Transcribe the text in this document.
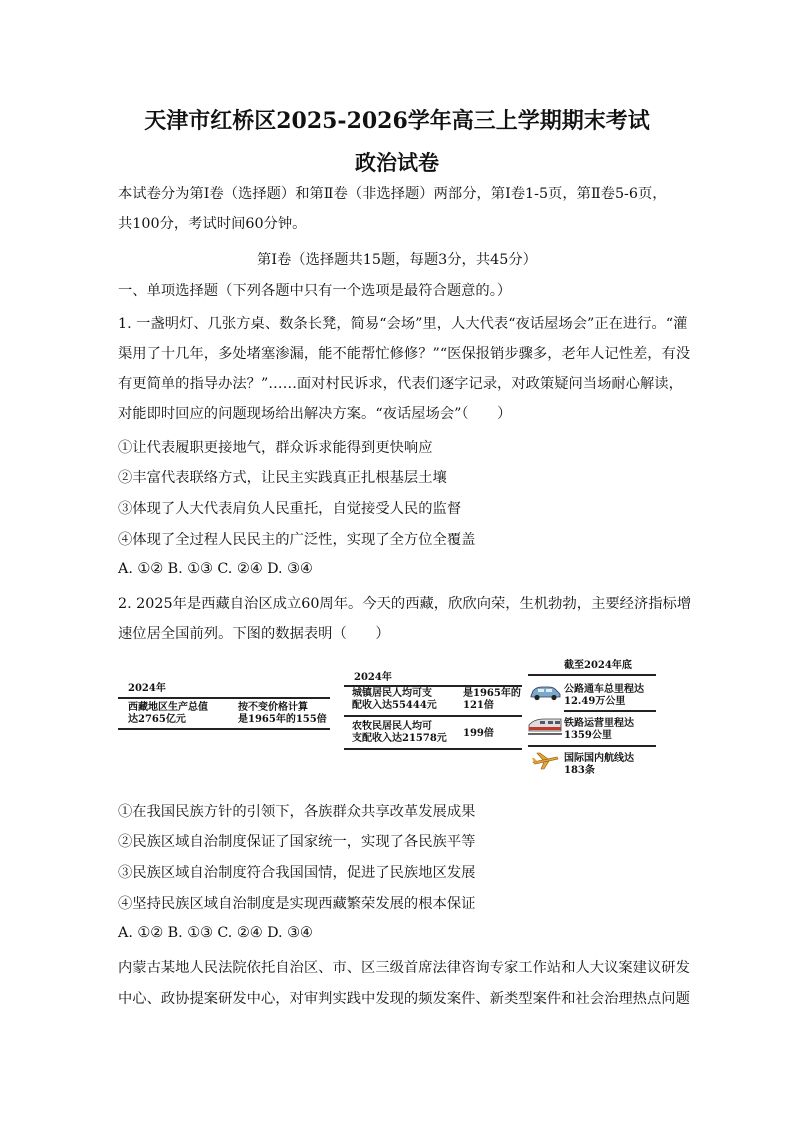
天津市红桥区2025-2026学年高三上学期期末考试
政治试卷
本试卷分为第Ⅰ卷（选择题）和第Ⅱ卷（非选择题）两部分，第Ⅰ卷1-5页，第Ⅱ卷5-6页，
共100分，考试时间60分钟。
第Ⅰ卷（选择题共15题，每题3分，共45分）
一、单项选择题（下列各题中只有一个选项是最符合题意的。）
1. 一盏明灯、几张方桌、数条长凳，简易“会场”里，人大代表“夜话屋场会”正在进行。“灌
渠用了十几年，多处堵塞渗漏，能不能帮忙修修？”“医保报销步骤多，老年人记性差，有没
有更简单的指导办法？”……面对村民诉求，代表们逐字记录，对政策疑问当场耐心解读，
对能即时回应的问题现场给出解决方案。“夜话屋场会”（　　）
①让代表履职更接地气，群众诉求能得到更快响应
②丰富代表联络方式，让民主实践真正扎根基层土壤
③体现了人大代表肩负人民重托，自觉接受人民的监督
④体现了全过程人民民主的广泛性，实现了全方位全覆盖
A. ①② B. ①③ C. ②④ D. ③④
2. 2025年是西藏自治区成立60周年。今天的西藏，欣欣向荣，生机勃勃，主要经济指标增
速位居全国前列。下图的数据表明（　　）
2024年
西藏地区生产总值
达2765亿元
按不变价格计算
是1965年的155倍
2024年
城镇居民人均可支
配收入达55444元
是1965年的
121倍
农牧民居民人均可
支配收入达21578元 199倍
截至2024年底
公路通车总里程达
12.49万公里
铁路运营里程达
1359公里
国际国内航线达
183条
①在我国民族方针的引领下，各族群众共享改革发展成果
②民族区域自治制度保证了国家统一，实现了各民族平等
③民族区域自治制度符合我国国情，促进了民族地区发展
④坚持民族区域自治制度是实现西藏繁荣发展的根本保证
A. ①② B. ①③ C. ②④ D. ③④
内蒙古某地人民法院依托自治区、市、区三级首席法律咨询专家工作站和人大议案建议研发
中心、政协提案研发中心，对审判实践中发现的频发案件、新类型案件和社会治理热点问题
